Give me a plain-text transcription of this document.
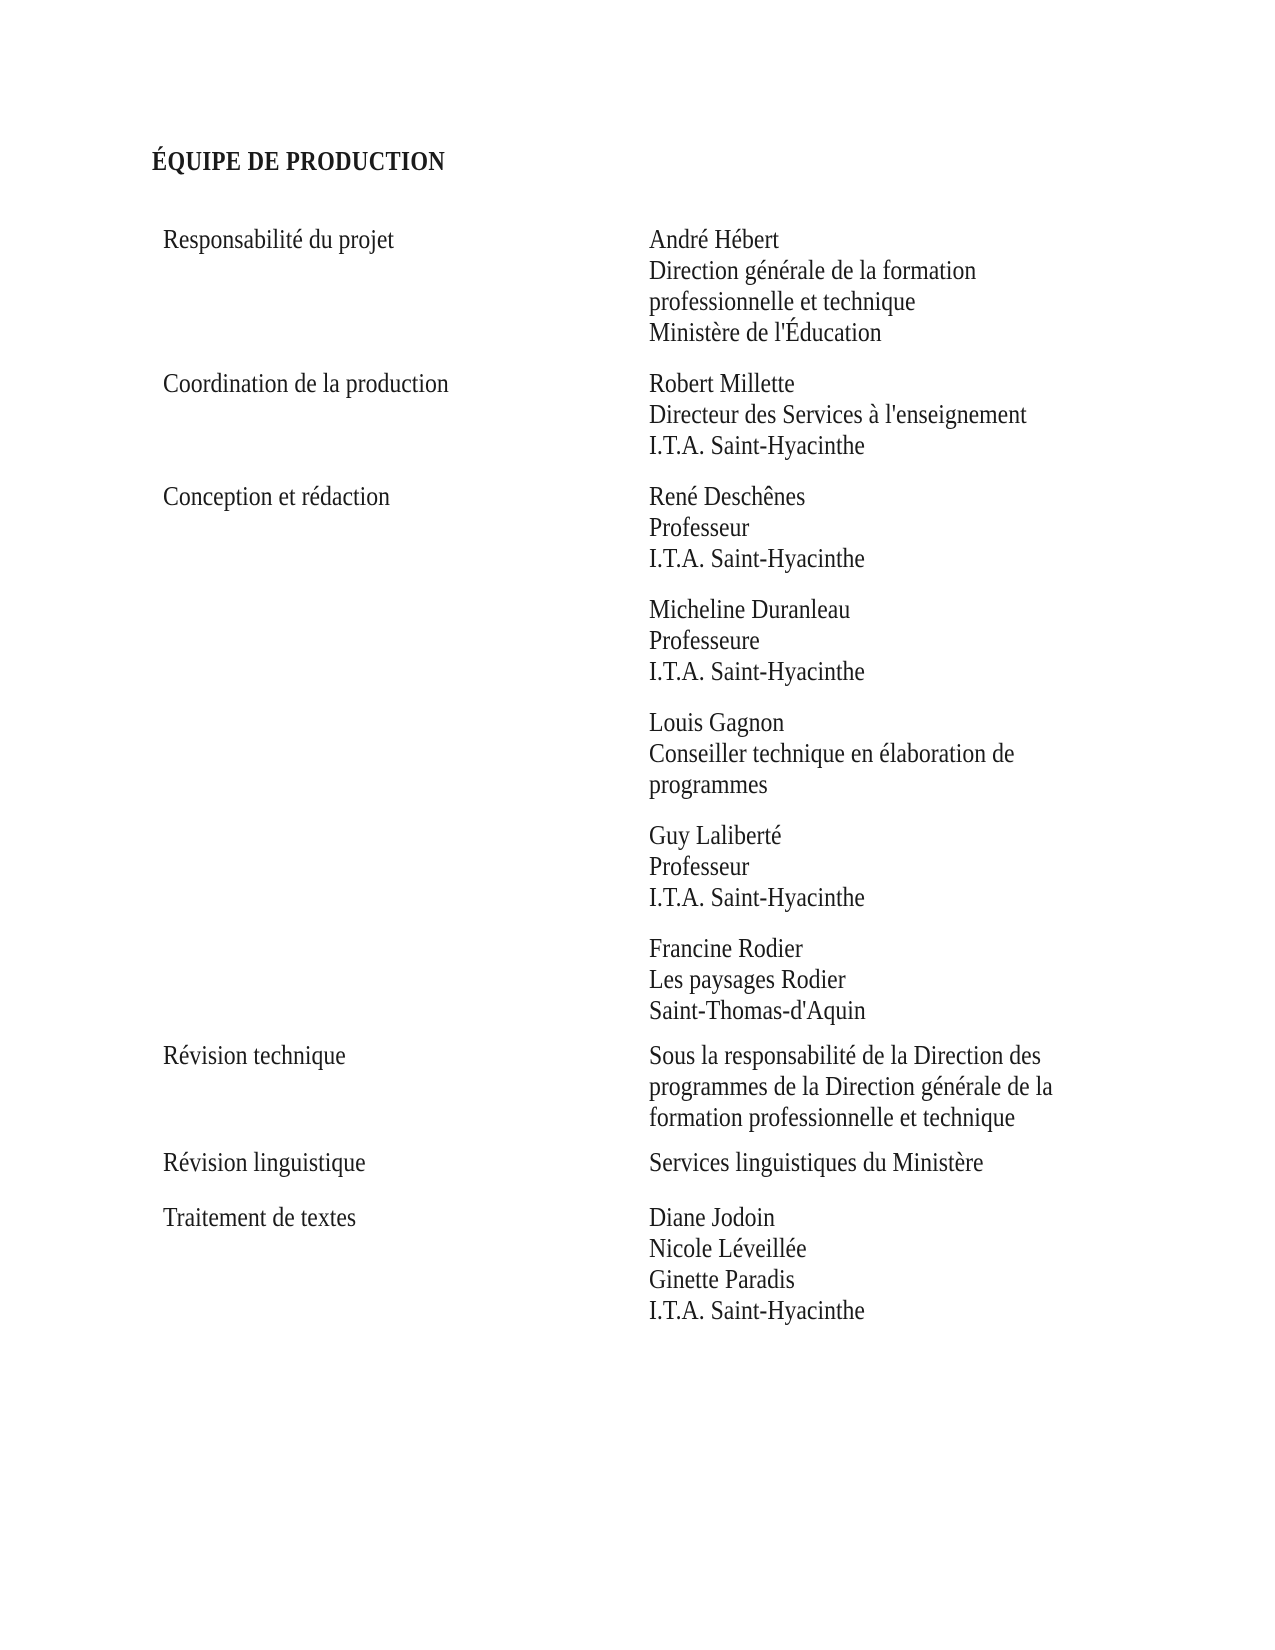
ÉQUIPE DE PRODUCTION
Responsabilité du projet	André Hébert
Direction générale de la formation
professionnelle et technique
Ministère de l'Éducation
Coordination de la production	Robert Millette
Directeur des Services à l'enseignement
I.T.A. Saint-Hyacinthe
Conception et rédaction	René Deschênes
Professeur
I.T.A. Saint-Hyacinthe
Micheline Duranleau
Professeure
I.T.A. Saint-Hyacinthe
Louis Gagnon
Conseiller technique en élaboration de
programmes
Guy Laliberté
Professeur
I.T.A. Saint-Hyacinthe
Francine Rodier
Les paysages Rodier
Saint-Thomas-d'Aquin
Révision technique	Sous la responsabilité de la Direction des
programmes de la Direction générale de la
formation professionnelle et technique
Révision linguistique	Services linguistiques du Ministère
Traitement de textes	Diane Jodoin
Nicole Léveillée
Ginette Paradis
I.T.A. Saint-Hyacinthe
